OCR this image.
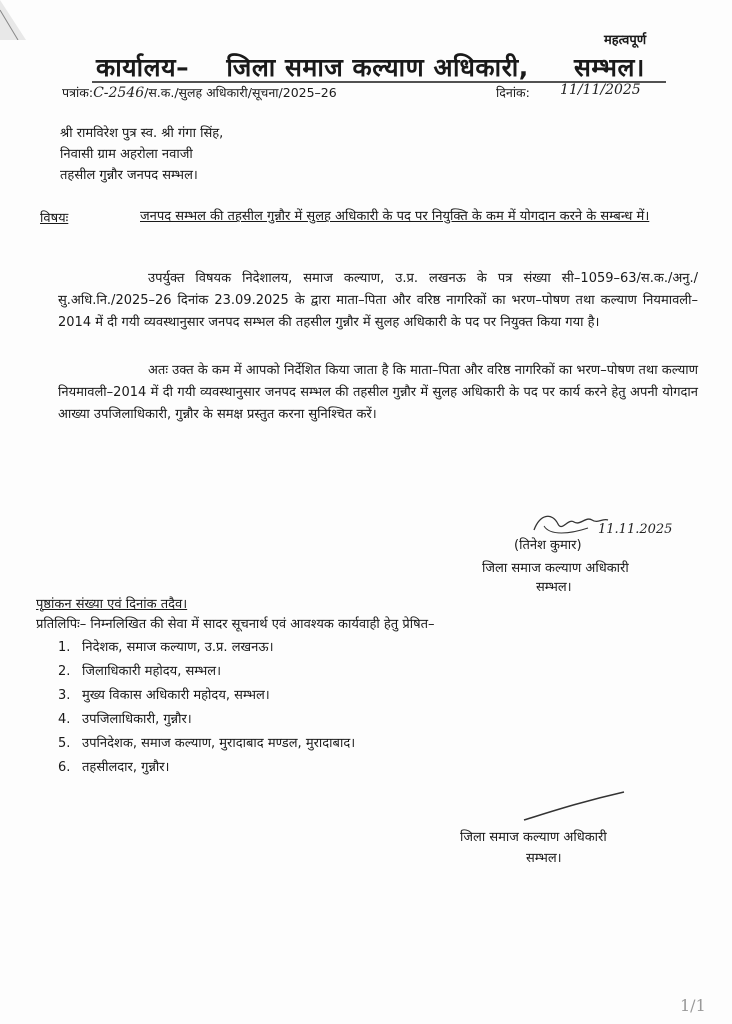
महत्वपूर्ण
कार्यालय– जिला समाज कल्याण अधिकारी, सम्भल।
पत्रांक:C-2546/स.क./सुलह अधिकारी/सूचना/2025–26	दिनांक: 11/11/2025
श्री रामविरेश पुत्र स्व. श्री गंगा सिंह,
निवासी ग्राम अहरोला नवाजी
तहसील गुन्नौर जनपद सम्भल।
विषयः	जनपद सम्भल की तहसील गुन्नौर में सुलह अधिकारी के पद पर नियुक्ति के कम में योगदान करने के सम्बन्ध में।
उपर्युक्त विषयक निदेशालय, समाज कल्याण, उ.प्र. लखनऊ के पत्र संख्या सी–1059–63/स.क./अनु./सु.अधि.नि./2025–26 दिनांक 23.09.2025 के द्वारा माता–पिता और वरिष्ठ नागरिकों का भरण–पोषण तथा कल्याण नियमावली–2014 में दी गयी व्यवस्थानुसार जनपद सम्भल की तहसील गुन्नौर में सुलह अधिकारी के पद पर नियुक्त किया गया है।
अतः उक्त के कम में आपको निर्देशित किया जाता है कि माता–पिता और वरिष्ठ नागरिकों का भरण–पोषण तथा कल्याण नियमावली–2014 में दी गयी व्यवस्थानुसार जनपद सम्भल की तहसील गुन्नौर में सुलह अधिकारी के पद पर कार्य करने हेतु अपनी योगदान आख्या उपजिलाधिकारी, गुन्नौर के समक्ष प्रस्तुत करना सुनिश्चित करें।
11.11.2025
(तिनेश कुमार)
जिला समाज कल्याण अधिकारी
सम्भल।
पृष्ठांकन संख्या एवं दिनांक तदैव।
प्रतिलिपिः– निम्नलिखित की सेवा में सादर सूचनार्थ एवं आवश्यक कार्यवाही हेतु प्रेषित–
1. निदेशक, समाज कल्याण, उ.प्र. लखनऊ।
2. जिलाधिकारी महोदय, सम्भल।
3. मुख्य विकास अधिकारी महोदय, सम्भल।
4. उपजिलाधिकारी, गुन्नौर।
5. उपनिदेशक, समाज कल्याण, मुरादाबाद मण्डल, मुरादाबाद।
6. तहसीलदार, गुन्नौर।
जिला समाज कल्याण अधिकारी
सम्भल।
1/1
